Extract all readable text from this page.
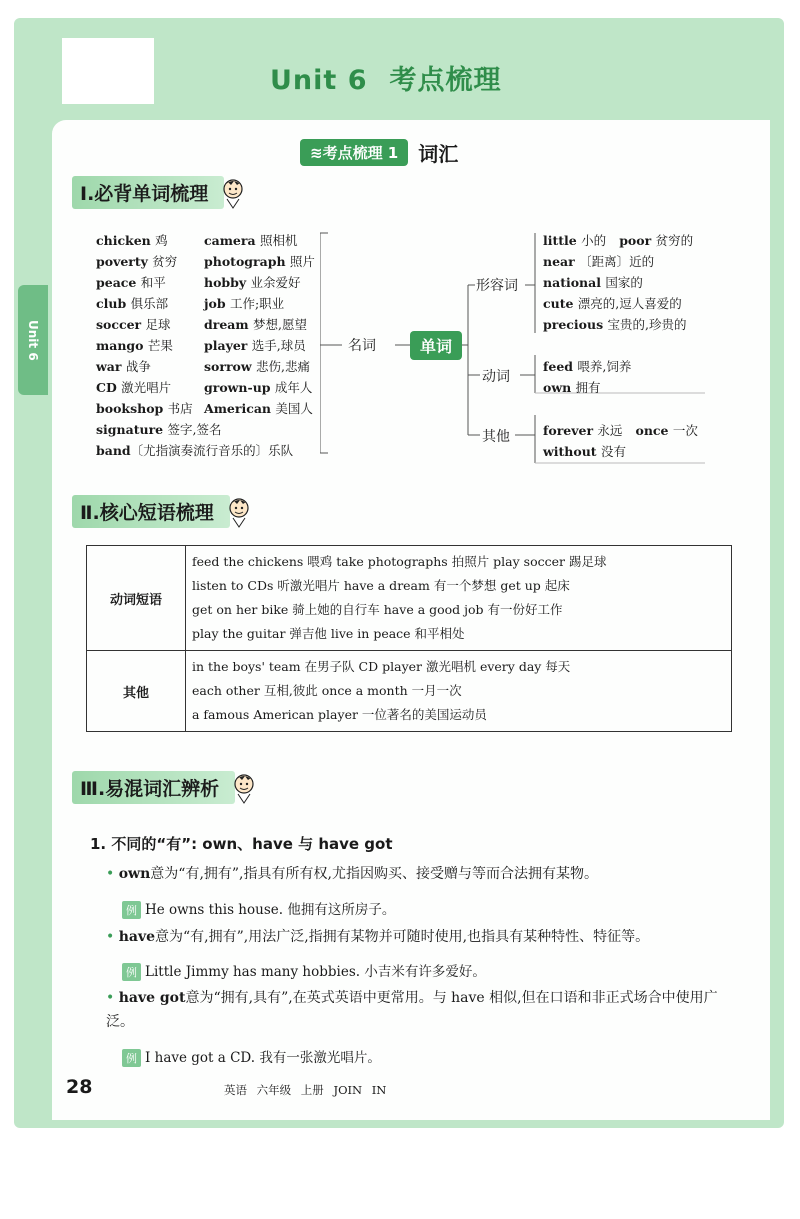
Unit 6 考点梳理
Unit 6
≋考点梳理 1	词汇
Ⅰ.必背单词梳理
chicken 鸡
poverty 贫穷
peace 和平
club 俱乐部
soccer 足球
mango 芒果
war 战争
CD 激光唱片
bookshop 书店
signature 签字,签名
band〔尤指演奏流行音乐的〕乐队
camera 照相机
photograph 照片
hobby 业余爱好
job 工作;职业
dream 梦想,愿望
player 选手,球员
sorrow 悲伤,悲痛
grown-up 成年人
American 美国人
名词	单词
形容词
动词
其他
little 小的 poor 贫穷的
near 〔距离〕近的
national 国家的
cute 漂亮的,逗人喜爱的
precious 宝贵的,珍贵的
feed 喂养,饲养
own 拥有
forever 永远 once 一次
without 没有
Ⅱ.核心短语梳理
动词短语	feed the chickens 喂鸡 take photographs 拍照片 play soccer 踢足球
listen to CDs 听激光唱片 have a dream 有一个梦想 get up 起床
get on her bike 骑上她的自行车 have a good job 有一份好工作
play the guitar 弹吉他 live in peace 和平相处

其他	in the boys' team 在男子队 CD player 激光唱机 every day 每天
each other 互相,彼此 once a month 一月一次
a famous American player 一位著名的美国运动员
Ⅲ.易混词汇辨析
1. 不同的“有”: own、have 与 have got
• own意为“有,拥有”,指具有所有权,尤指因购买、接受赠与等而合法拥有某物。
例 He owns this house. 他拥有这所房子。
• have意为“有,拥有”,用法广泛,指拥有某物并可随时使用,也指具有某种特性、特征等。
例 Little Jimmy has many hobbies. 小吉米有许多爱好。
• have got意为“拥有,具有”,在英式英语中更常用。与 have 相似,但在口语和非正式场合中使用广泛。
例 I have got a CD. 我有一张激光唱片。
28	英语 六年级 上册 JOIN IN
